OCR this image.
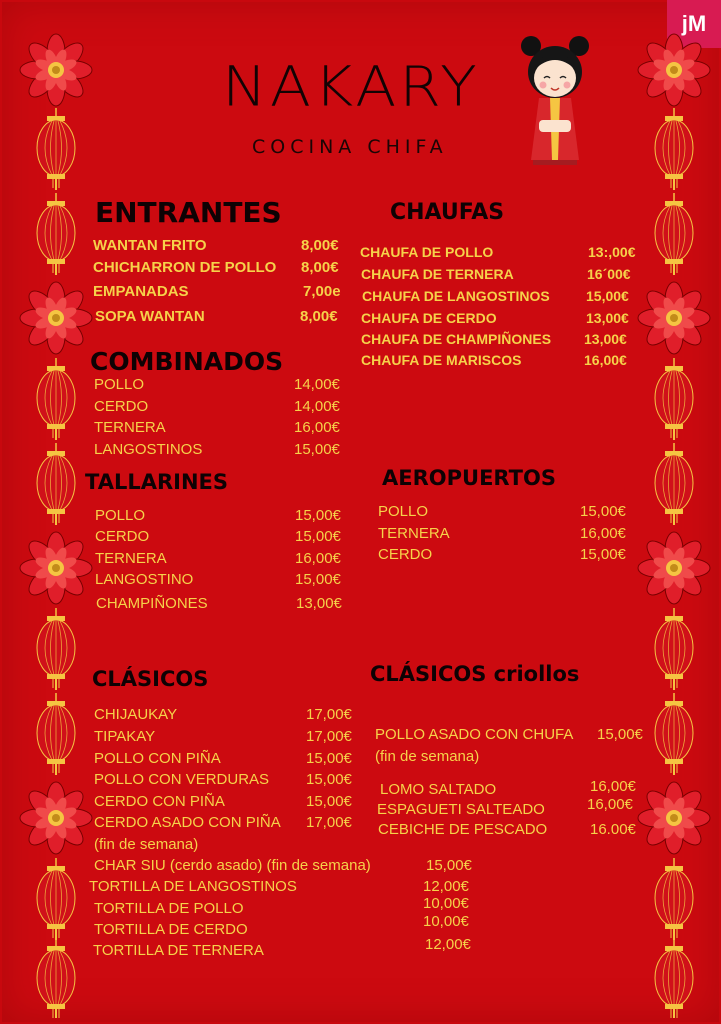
jM
NAKARY
COCINA CHIFA
ENTRANTES	CHAUFAS
COMBINADOS
TALLARINES	AEROPUERTOS
CLÁSICOS	CLÁSICOS criollos
WANTAN FRITO	8,00€
CHICHARRON DE POLLO 8,00€
EMPANADAS	7,00e
SOPA WANTAN	8,00€
CHAUFA DE POLLO	13:,00€
CHAUFA DE TERNERA	16´00€
CHAUFA DE LANGOSTINOS	15,00€
CHAUFA DE CERDO	13,00€
CHAUFA DE CHAMPIÑONES 13,00€
CHAUFA DE MARISCOS	16,00€
POLLO	14,00€
CERDO	14,00€
TERNERA	16,00€
LANGOSTINOS	15,00€
POLLO	15,00€
CERDO	15,00€
TERNERA	16,00€
LANGOSTINO	15,00€
CHAMPIÑONES	13,00€
POLLO	15,00€
TERNERA	16,00€
CERDO	15,00€
CHIJAUKAY	17,00€
TIPAKAY	17,00€
POLLO CON PIÑA	15,00€
POLLO CON VERDURAS 15,00€
CERDO CON PIÑA	15,00€
CERDO ASADO CON PIÑA 17,00€
(fin de semana)
CHAR SIU (cerdo asado) (fin de semana)	15,00€
TORTILLA DE LANGOSTINOS	12,00€
TORTILLA DE POLLO	10,00€
TORTILLA DE CERDO	10,00€
TORTILLA DE TERNERA	12,00€
POLLO ASADO CON CHUFA 15,00€
(fin de semana)
LOMO SALTADO	16,00€
ESPAGUETI SALTEADO	16,00€
CEBICHE DE PESCADO	16.00€
